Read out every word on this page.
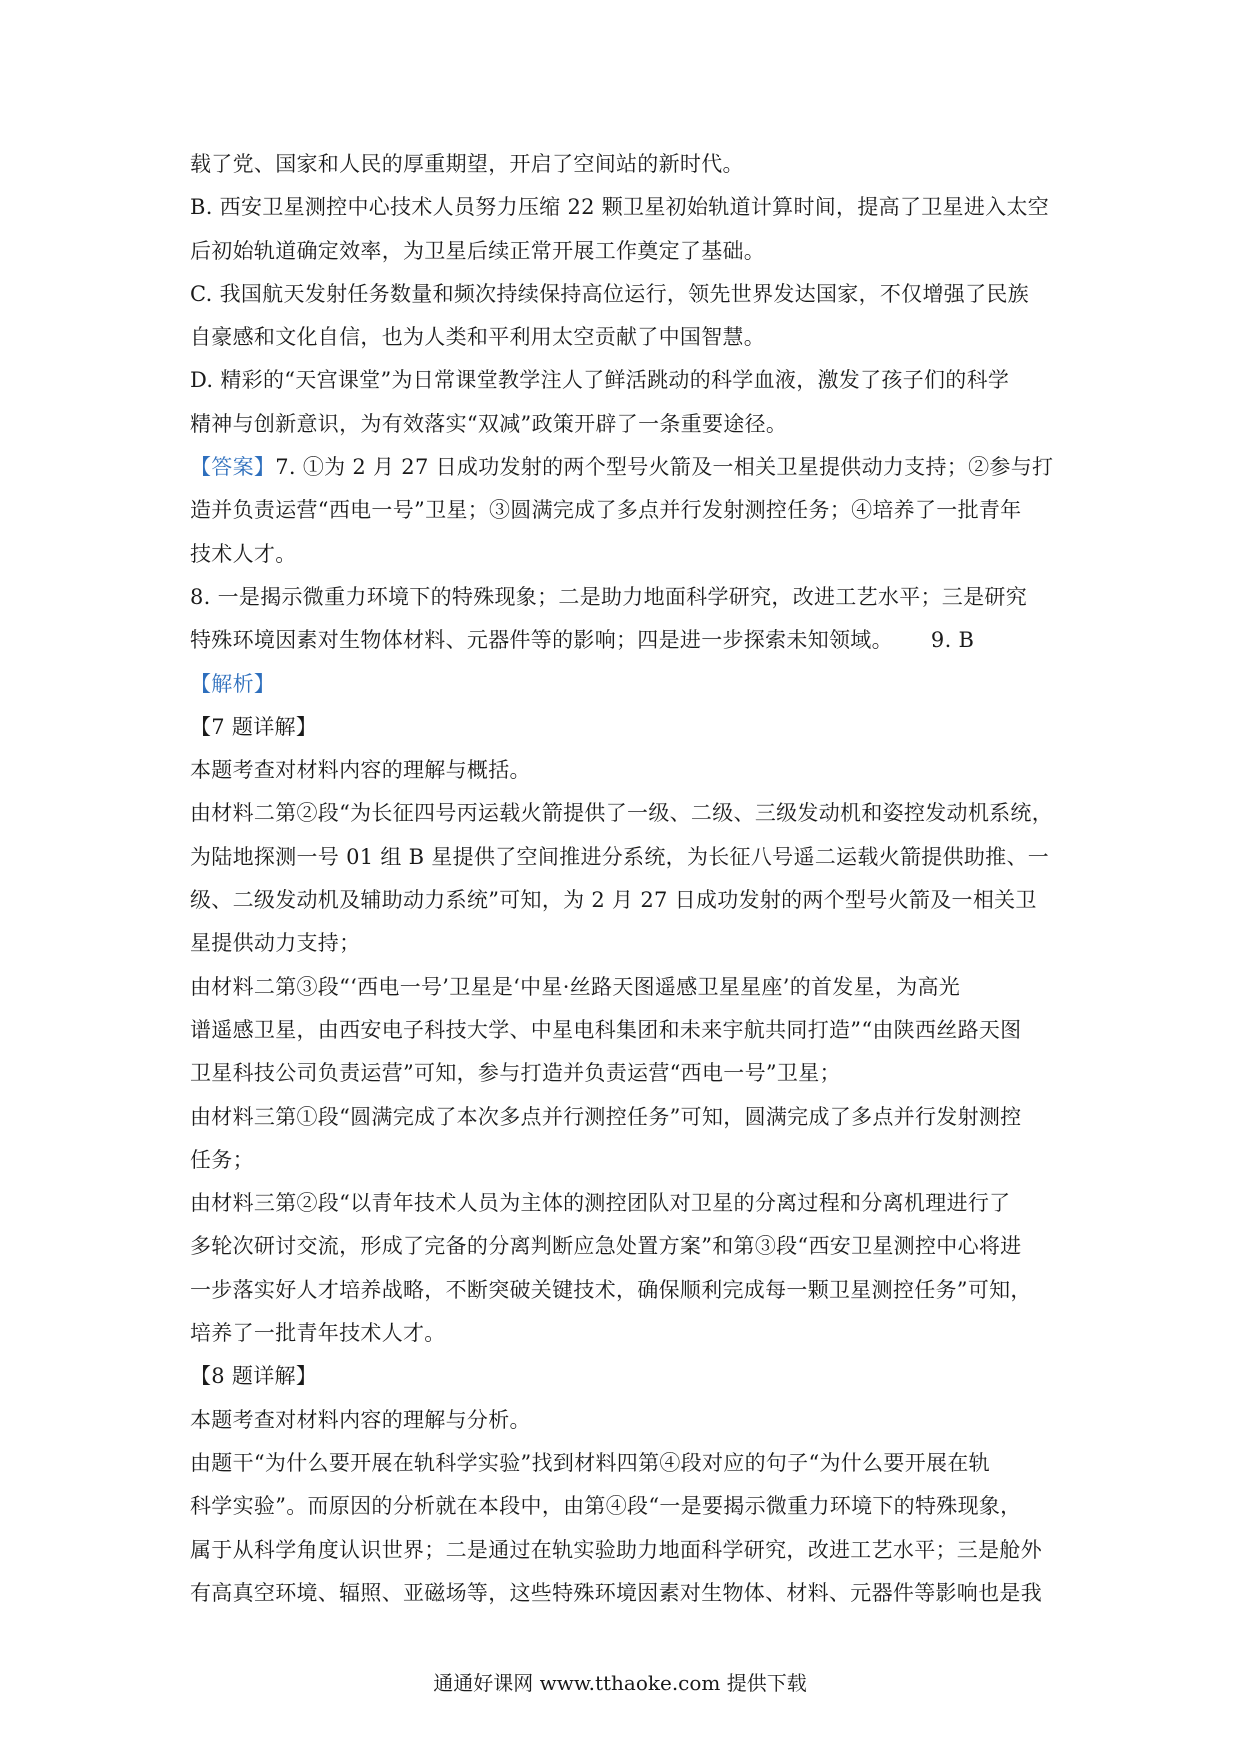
载了党、国家和人民的厚重期望，开启了空间站的新时代。
B. 西安卫星测控中心技术人员努力压缩 22 颗卫星初始轨道计算时间，提高了卫星进入太空
后初始轨道确定效率，为卫星后续正常开展工作奠定了基础。
C. 我国航天发射任务数量和频次持续保持高位运行，领先世界发达国家，不仅增强了民族
自豪感和文化自信，也为人类和平利用太空贡献了中国智慧。
D. 精彩的“天宫课堂”为日常课堂教学注人了鲜活跳动的科学血液，激发了孩子们的科学
精神与创新意识，为有效落实“双减”政策开辟了一条重要途径。
【答案】7. ①为 2 月 27 日成功发射的两个型号火箭及一相关卫星提供动力支持；②参与打
造并负责运营“西电一号”卫星；③圆满完成了多点并行发射测控任务；④培养了一批青年
技术人才。
8. 一是揭示微重力环境下的特殊现象；二是助力地面科学研究，改进工艺水平；三是研究
特殊环境因素对生物体材料、元器件等的影响；四是进一步探索未知领域。 9. B
【解析】
【7 题详解】
本题考查对材料内容的理解与概括。
由材料二第②段“为长征四号丙运载火箭提供了一级、二级、三级发动机和姿控发动机系统，
为陆地探测一号 01 组 B 星提供了空间推进分系统，为长征八号遥二运载火箭提供助推、一
级、二级发动机及辅助动力系统”可知，为 2 月 27 日成功发射的两个型号火箭及一相关卫
星提供动力支持；
由材料二第③段“‘西电一号’卫星是‘中星·丝路天图遥感卫星星座’的首发星，为高光
谱遥感卫星，由西安电子科技大学、中星电科集团和未来宇航共同打造”“由陕西丝路天图
卫星科技公司负责运营”可知，参与打造并负责运营“西电一号”卫星；
由材料三第①段“圆满完成了本次多点并行测控任务”可知，圆满完成了多点并行发射测控
任务；
由材料三第②段“以青年技术人员为主体的测控团队对卫星的分离过程和分离机理进行了
多轮次研讨交流，形成了完备的分离判断应急处置方案”和第③段“西安卫星测控中心将进
一步落实好人才培养战略，不断突破关键技术，确保顺利完成每一颗卫星测控任务”可知，
培养了一批青年技术人才。
【8 题详解】
本题考查对材料内容的理解与分析。
由题干“为什么要开展在轨科学实验”找到材料四第④段对应的句子“为什么要开展在轨
科学实验”。而原因的分析就在本段中，由第④段“一是要揭示微重力环境下的特殊现象，
属于从科学角度认识世界；二是通过在轨实验助力地面科学研究，改进工艺水平；三是舱外
有高真空环境、辐照、亚磁场等，这些特殊环境因素对生物体、材料、元器件等影响也是我
通通好课网 www.tthaoke.com 提供下载
